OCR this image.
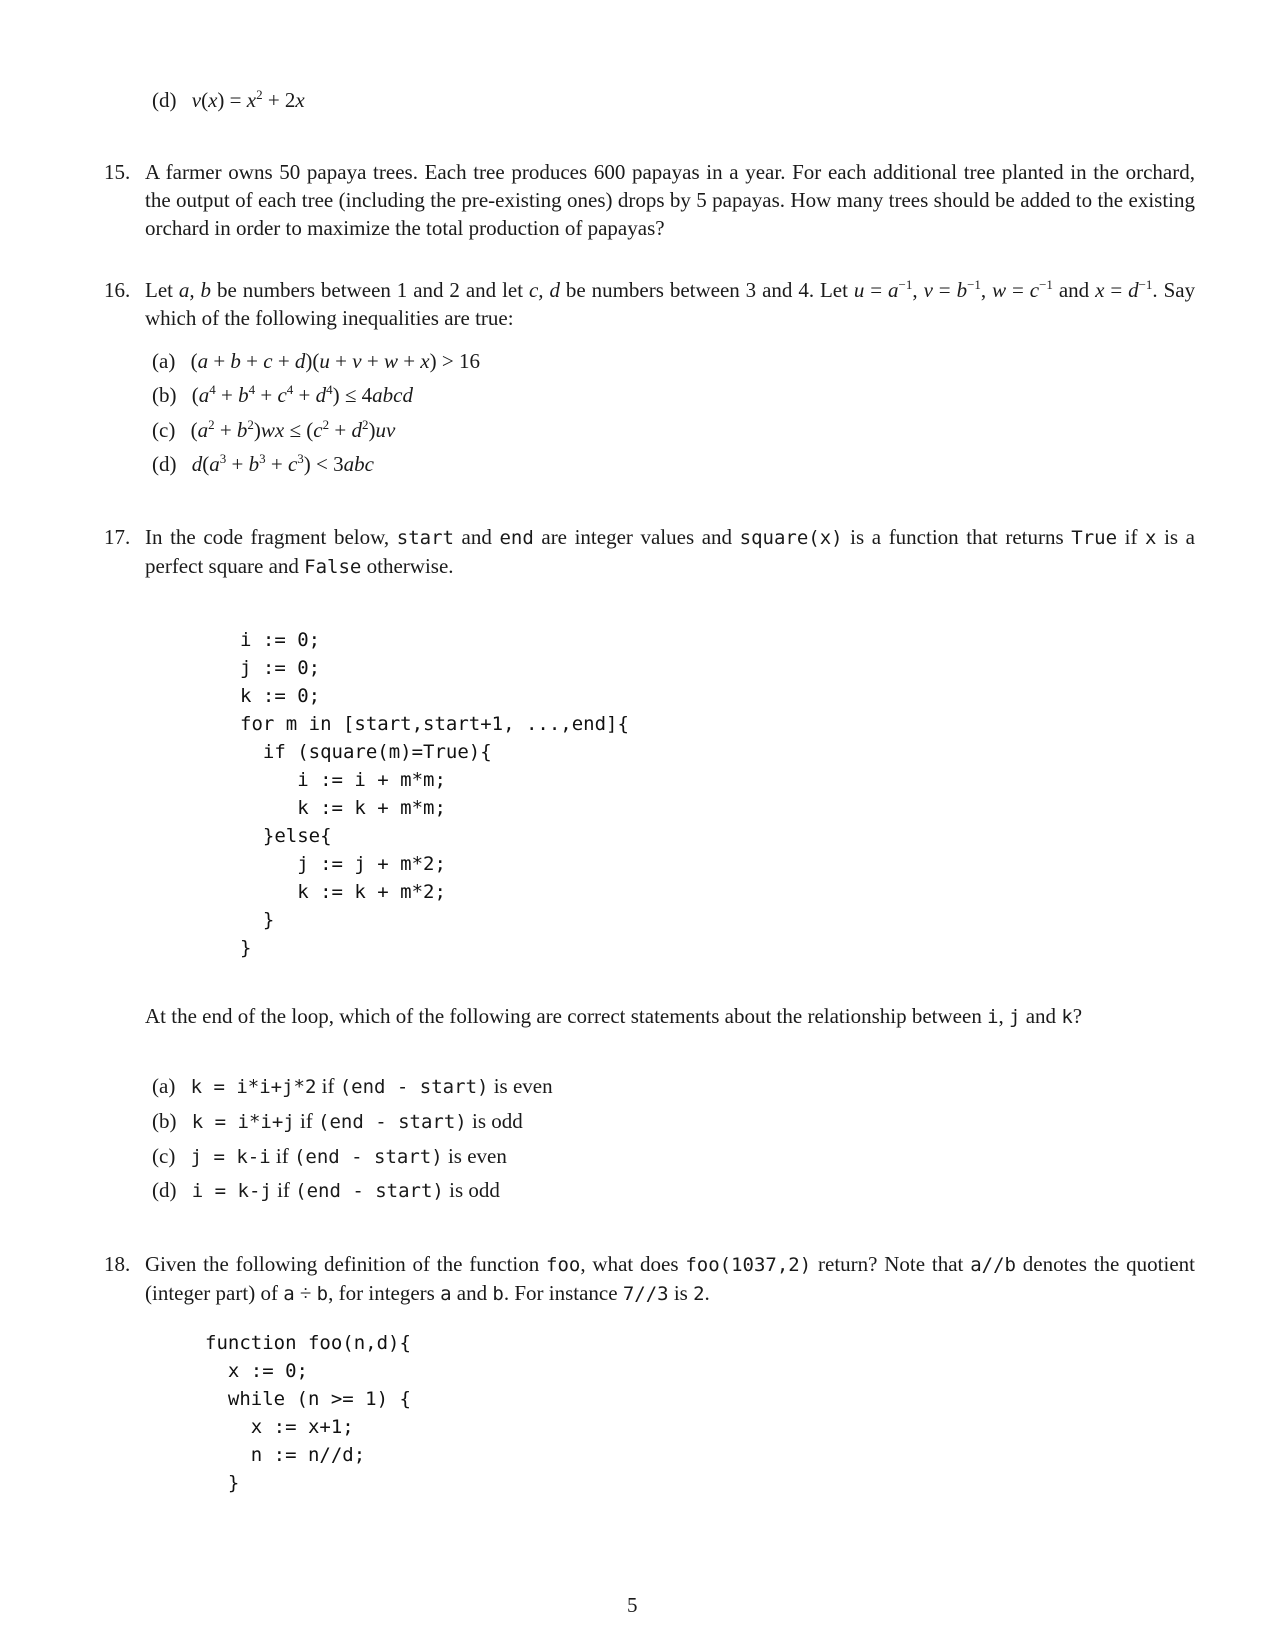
(d) $v(x) = x^2 + 2x$
15. A farmer owns 50 papaya trees. Each tree produces 600 papayas in a year. For each additional tree planted in the orchard, the output of each tree (including the pre-existing ones) drops by 5 papayas. How many trees should be added to the existing orchard in order to maximize the total production of papayas?
16. Let a, b be numbers between 1 and 2 and let c, d be numbers between 3 and 4. Let $u = a^{-1}$, $v = b^{-1}$, $w = c^{-1}$ and $x = d^{-1}$. Say which of the following inequalities are true:
(a) (a + b + c + d)(u + v + w + x) > 16
(b) $(a^4 + b^4 + c^4 + d^4)$ ≤ 4abcd
(c) $(a^2 + b^2)wx \le (c^2 + d^2)uv$
(d) $d(a^3 + b^3 + c^3) < 3abc$
17. In the code fragment below, start and end are integer values and square(x) is a function that returns True if x is a perfect square and False otherwise.
i := 0;
j := 0;
k := 0;
for m in [start,start+1, ...,end]{
if (square(m)=True){
i := i + m*m;
k := k + m*m;
}else{
j := j + m*2;
k := k + m*2;
}
}
At the end of the loop, which of the following are correct statements about the relationship between i, j and k?
(a) k = i*i+j*2 if (end - start) is even
(b) k = i*i+j if (end - start) is odd
(c) j = k-i if (end - start) is even
(d) i = k-j if (end - start) is odd
18. Given the following definition of the function foo, what does foo(1037,2) return? Note that a//b denotes the quotient (integer part) of a ÷ b, for integers a and b. For instance 7//3 is 2.
function foo(n,d){
x := 0;
while (n >= 1) {
x := x+1;
n := n//d;
}
5
